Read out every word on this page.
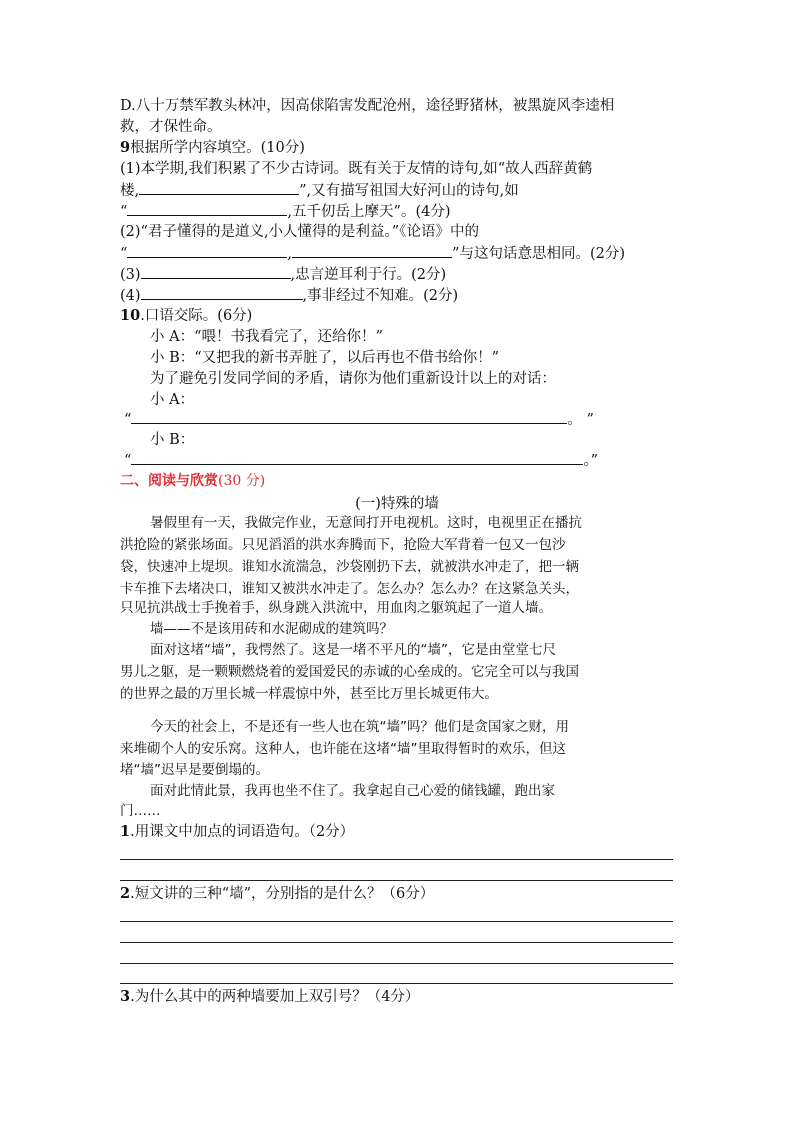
D.八十万禁军教头林冲，因高俅陷害发配沧州，途径野猪林，被黑旋风李逵相
救，才保性命。
9根据所学内容填空。(10分)
(1)本学期,我们积累了不少古诗词。既有关于友情的诗句,如“故人西辞黄鹤
楼,	”,又有描写祖国大好河山的诗句,如
“	,五千仞岳上摩天”。(4分)
(2)“君子懂得的是道义,小人懂得的是利益。”《论语》中的
“	,	”与这句话意思相同。(2分)
(3)	,忠言逆耳利于行。(2分)
(4)	,事非经过不知难。(2分)
10.口语交际。(6分)
小 A：“喂！书我看完了，还给你！”
小 B：“又把我的新书弄脏了，以后再也不借书给你！”
为了避免引发同学间的矛盾，请你为他们重新设计以上的对话：
小 A：
“	。 ”
小 B：
“	。”
二、阅读与欣赏(30 分)
(一)特殊的墙
暑假里有一天，我做完作业，无意间打开电视机。这时，电视里正在播抗
洪抢险的紧张场面。只见滔滔的洪水奔腾而下，抢险大军背着一包又一包沙
袋，快速冲上堤坝。谁知水流湍急，沙袋刚扔下去，就被洪水冲走了，把一辆
卡车推下去堵决口，谁知又被洪水冲走了。怎么办？怎么办？在这紧急关头，
只见抗洪战士手挽着手，纵身跳入洪流中，用血肉之躯筑起了一道人墙。
墙——不是该用砖和水泥砌成的建筑吗？
面对这堵“墙”，我愕然了。这是一堵不平凡的“墙”，它是由堂堂七尺
男儿之躯，是一颗颗燃烧着的爱国爱民的赤诚的心垒成的。它完全可以与我国
的世界之最的万里长城一样震惊中外，甚至比万里长城更伟大。
今天的社会上，不是还有一些人也在筑“墙”吗？他们是贪国家之财，用
来堆砌个人的安乐窝。这种人，也许能在这堵“墙”里取得暂时的欢乐，但这
堵“墙”迟早是要倒塌的。
面对此情此景，我再也坐不住了。我拿起自己心爱的储钱罐，跑出家
门……
1.用课文中加点的词语造句。（2分）
2.短文讲的三种“墙”，分别指的是什么？（6分）
3.为什么其中的两种墙要加上双引号？（4分）
